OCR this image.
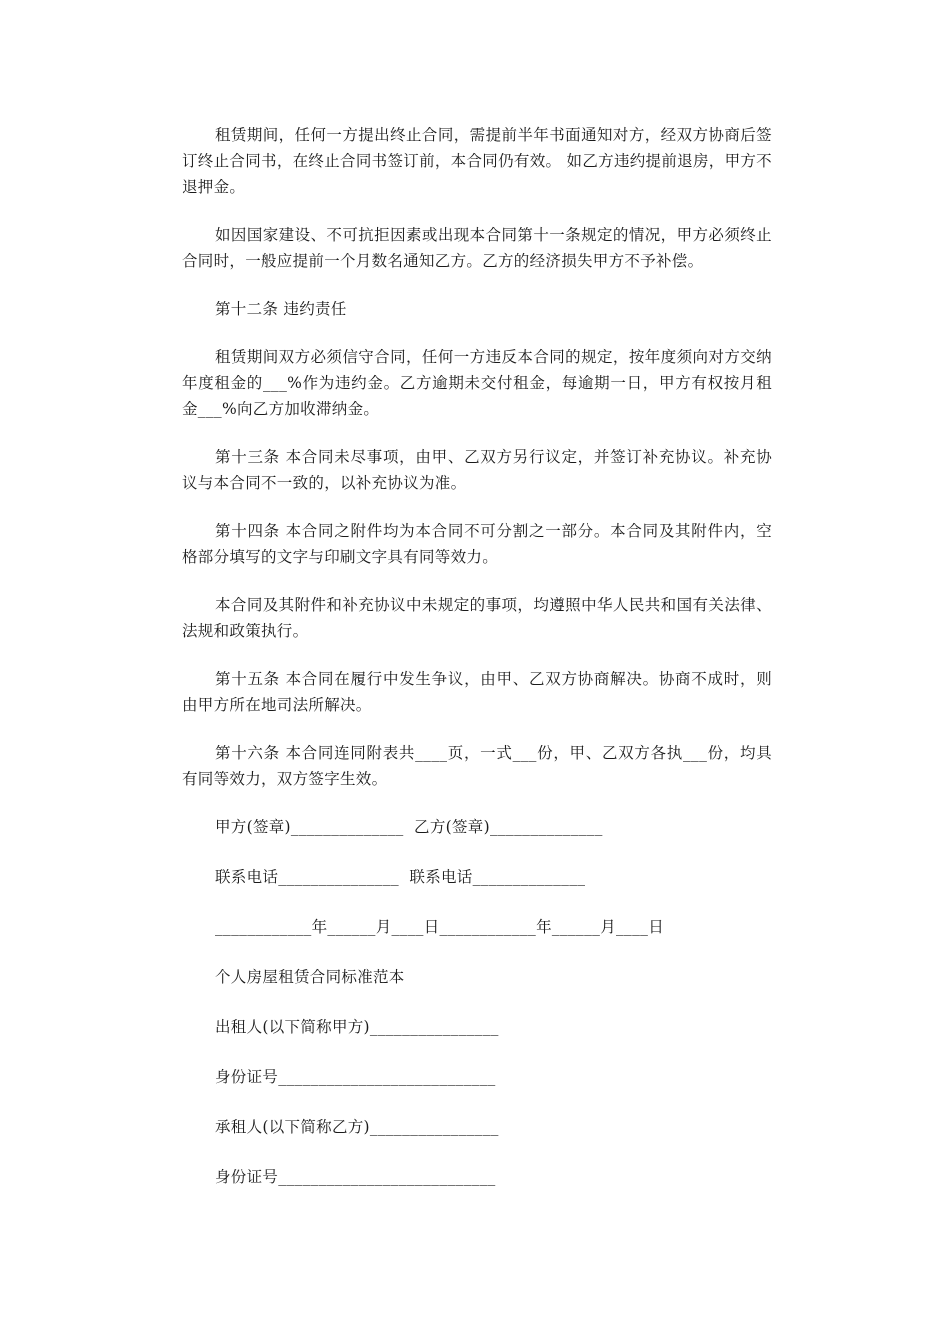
租赁期间，任何一方提出终止合同，需提前半年书面通知对方，经双方协商后签订终止合同书，在终止合同书签订前，本合同仍有效。 如乙方违约提前退房，甲方不退押金。

如因国家建设、不可抗拒因素或出现本合同第十一条规定的情况，甲方必须终止合同时，一般应提前一个月数名通知乙方。乙方的经济损失甲方不予补偿。

第十二条 违约责任

租赁期间双方必须信守合同，任何一方违反本合同的规定，按年度须向对方交纳年度租金的___%作为违约金。乙方逾期未交付租金，每逾期一日，甲方有权按月租金___%向乙方加收滞纳金。

第十三条 本合同未尽事项，由甲、乙双方另行议定，并签订补充协议。补充协议与本合同不一致的，以补充协议为准。

第十四条 本合同之附件均为本合同不可分割之一部分。本合同及其附件内，空格部分填写的文字与印刷文字具有同等效力。

本合同及其附件和补充协议中未规定的事项，均遵照中华人民共和国有关法律、法规和政策执行。

第十五条 本合同在履行中发生争议，由甲、乙双方协商解决。协商不成时，则由甲方所在地司法所解决。

第十六条 本合同连同附表共____页，一式___份，甲、乙双方各执___份，均具有同等效力，双方签字生效。

甲方(签章)______________  乙方(签章)______________
联系电话_______________  联系电话______________
____________年______月____日____________年______月____日
个人房屋租赁合同标准范本
出租人(以下简称甲方)________________
身份证号___________________________
承租人(以下简称乙方)________________
身份证号___________________________
